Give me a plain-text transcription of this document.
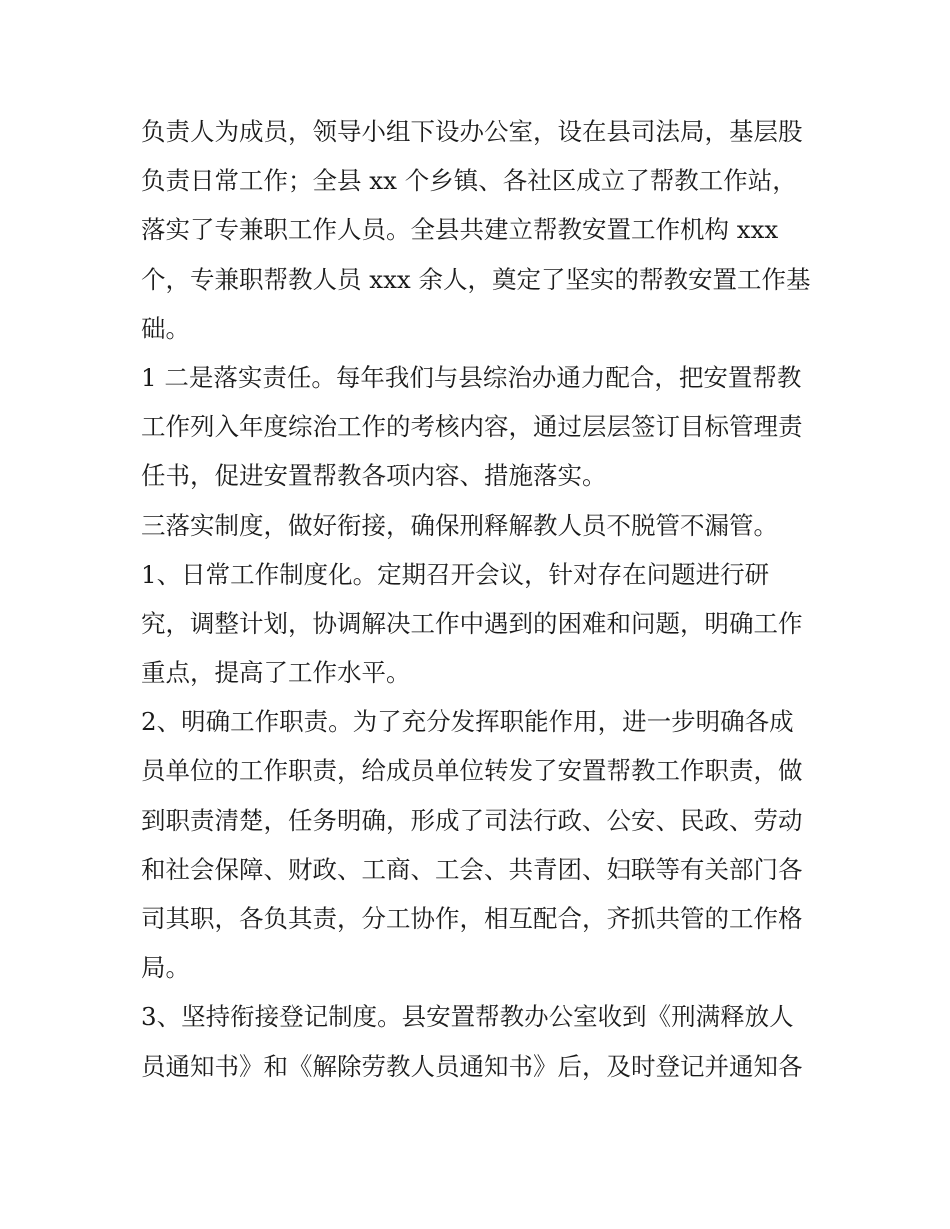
负责人为成员，领导小组下设办公室，设在县司法局，基层股
负责日常工作；全县 xx 个乡镇、各社区成立了帮教工作站，
落实了专兼职工作人员。全县共建立帮教安置工作机构 xxx
个，专兼职帮教人员 xxx 余人，奠定了坚实的帮教安置工作基
础。
1 二是落实责任。每年我们与县综治办通力配合，把安置帮教
工作列入年度综治工作的考核内容，通过层层签订目标管理责
任书，促进安置帮教各项内容、措施落实。
三落实制度，做好衔接，确保刑释解教人员不脱管不漏管。
1、日常工作制度化。定期召开会议，针对存在问题进行研
究，调整计划，协调解决工作中遇到的困难和问题，明确工作
重点，提高了工作水平。
2、明确工作职责。为了充分发挥职能作用，进一步明确各成
员单位的工作职责，给成员单位转发了安置帮教工作职责，做
到职责清楚，任务明确，形成了司法行政、公安、民政、劳动
和社会保障、财政、工商、工会、共青团、妇联等有关部门各
司其职，各负其责，分工协作，相互配合，齐抓共管的工作格
局。
3、坚持衔接登记制度。县安置帮教办公室收到《刑满释放人
员通知书》和《解除劳教人员通知书》后，及时登记并通知各
